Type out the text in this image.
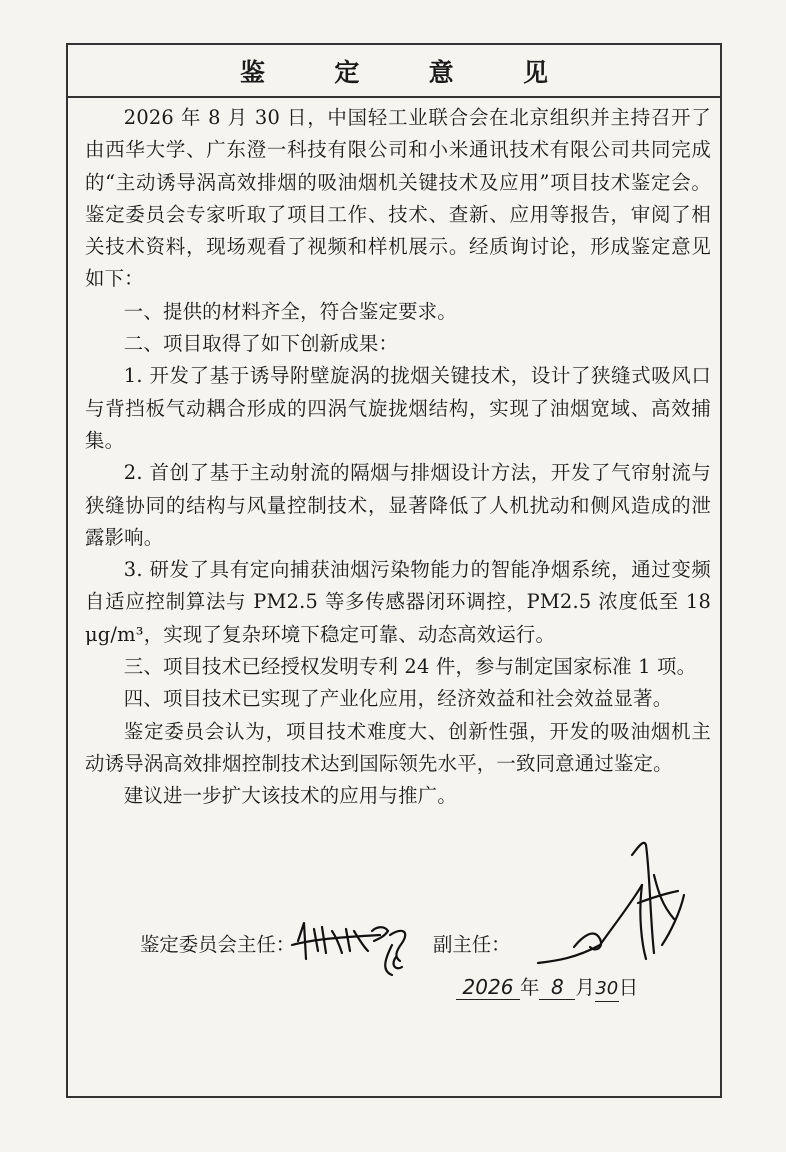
鉴	定	意	见

2026 年 8 月 30 日，中国轻工业联合会在北京组织并主持召开了由西华大学、广东澄一科技有限公司和小米通讯技术有限公司共同完成的“主动诱导涡高效排烟的吸油烟机关键技术及应用”项目技术鉴定会。鉴定委员会专家听取了项目工作、技术、查新、应用等报告，审阅了相关技术资料，现场观看了视频和样机展示。经质询讨论，形成鉴定意见如下：

一、提供的材料齐全，符合鉴定要求。

二、项目取得了如下创新成果：

1. 开发了基于诱导附壁旋涡的拢烟关键技术，设计了狭缝式吸风口与背挡板气动耦合形成的四涡气旋拢烟结构，实现了油烟宽域、高效捕集。

2. 首创了基于主动射流的隔烟与排烟设计方法，开发了气帘射流与狭缝协同的结构与风量控制技术，显著降低了人机扰动和侧风造成的泄露影响。

3. 研发了具有定向捕获油烟污染物能力的智能净烟系统，通过变频自适应控制算法与 PM2.5 等多传感器闭环调控，PM2.5 浓度低至 18 μg/m³，实现了复杂环境下稳定可靠、动态高效运行。

三、项目技术已经授权发明专利 24 件，参与制定国家标准 1 项。

四、项目技术已实现了产业化应用，经济效益和社会效益显著。

鉴定委员会认为，项目技术难度大、创新性强，开发的吸油烟机主动诱导涡高效排烟控制技术达到国际领先水平，一致同意通过鉴定。

建议进一步扩大该技术的应用与推广。

鉴定委员会主任：	副主任：
2026 年 8 月30日
